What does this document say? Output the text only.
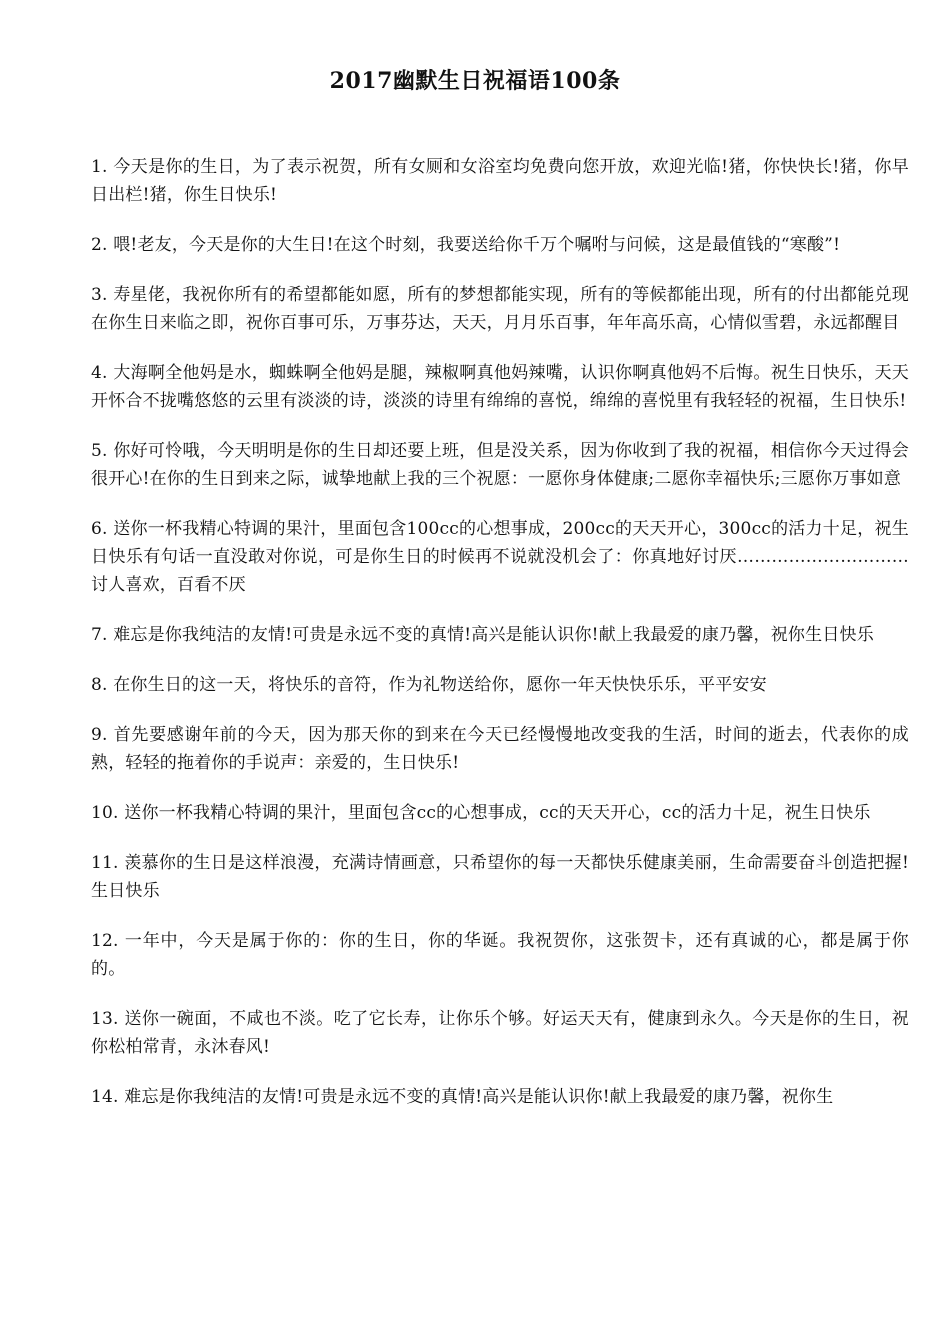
2017幽默生日祝福语100条

1. 今天是你的生日，为了表示祝贺，所有女厕和女浴室均免费向您开放，欢迎光临!猪，你快快长!猪，你早日出栏!猪，你生日快乐!

2. 喂!老友，今天是你的大生日!在这个时刻，我要送给你千万个嘱咐与问候，这是最值钱的“寒酸”!

3. 寿星佬，我祝你所有的希望都能如愿，所有的梦想都能实现，所有的等候都能出现，所有的付出都能兑现在你生日来临之即，祝你百事可乐，万事芬达，天天，月月乐百事，年年高乐高，心情似雪碧，永远都醒目

4. 大海啊全他妈是水，蜘蛛啊全他妈是腿，辣椒啊真他妈辣嘴，认识你啊真他妈不后悔。祝生日快乐，天天开怀合不拢嘴悠悠的云里有淡淡的诗，淡淡的诗里有绵绵的喜悦，绵绵的喜悦里有我轻轻的祝福，生日快乐!

5. 你好可怜哦，今天明明是你的生日却还要上班，但是没关系，因为你收到了我的祝福，相信你今天过得会很开心!在你的生日到来之际，诚挚地献上我的三个祝愿：一愿你身体健康;二愿你幸福快乐;三愿你万事如意

6. 送你一杯我精心特调的果汁，里面包含100cc的心想事成，200cc的天天开心，300cc的活力十足，祝生日快乐有句话一直没敢对你说，可是你生日的时候再不说就没机会了：你真地好讨厌…………………………讨人喜欢，百看不厌

7. 难忘是你我纯洁的友情!可贵是永远不变的真情!高兴是能认识你!献上我最爱的康乃馨，祝你生日快乐

8. 在你生日的这一天，将快乐的音符，作为礼物送给你，愿你一年天快快乐乐，平平安安

9. 首先要感谢年前的今天，因为那天你的到来在今天已经慢慢地改变我的生活，时间的逝去，代表你的成熟，轻轻的拖着你的手说声：亲爱的，生日快乐!

10. 送你一杯我精心特调的果汁，里面包含cc的心想事成，cc的天天开心，cc的活力十足，祝生日快乐

11. 羡慕你的生日是这样浪漫，充满诗情画意，只希望你的每一天都快乐健康美丽，生命需要奋斗创造把握!生日快乐

12. 一年中，今天是属于你的：你的生日，你的华诞。我祝贺你，这张贺卡，还有真诚的心，都是属于你的。

13. 送你一碗面，不咸也不淡。吃了它长寿，让你乐个够。好运天天有，健康到永久。今天是你的生日，祝你松柏常青，永沐春风!

14. 难忘是你我纯洁的友情!可贵是永远不变的真情!高兴是能认识你!献上我最爱的康乃馨，祝你生
